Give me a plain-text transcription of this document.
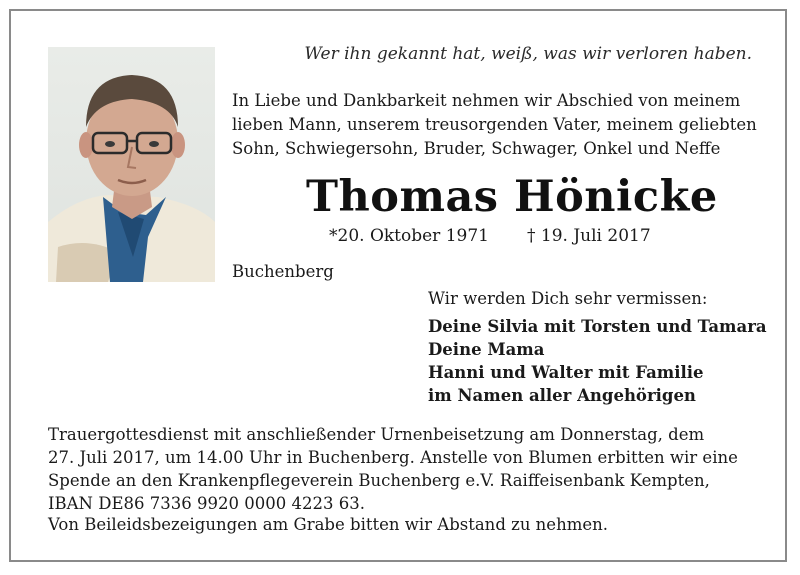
Wer ihn gekannt hat, weiß, was wir verloren haben.
In Liebe und Dankbarkeit nehmen wir Abschied von meinem
lieben Mann, unserem treusorgenden Vater, meinem geliebten
Sohn, Schwiegersohn, Bruder, Schwager, Onkel und Neffe
Thomas Hönicke
*20. Oktober 1971 † 19. Juli 2017
Buchenberg
Wir werden Dich sehr vermissen:
Deine Silvia mit Torsten und Tamara
Deine Mama
Hanni und Walter mit Familie
im Namen aller Angehörigen
Trauergottesdienst mit anschließender Urnenbeisetzung am Donnerstag, dem
27. Juli 2017, um 14.00 Uhr in Buchenberg. Anstelle von Blumen erbitten wir eine
Spende an den Krankenpflegeverein Buchenberg e.V. Raiffeisenbank Kempten,
IBAN DE86 7336 9920 0000 4223 63.
Von Beileidsbezeigungen am Grabe bitten wir Abstand zu nehmen.
